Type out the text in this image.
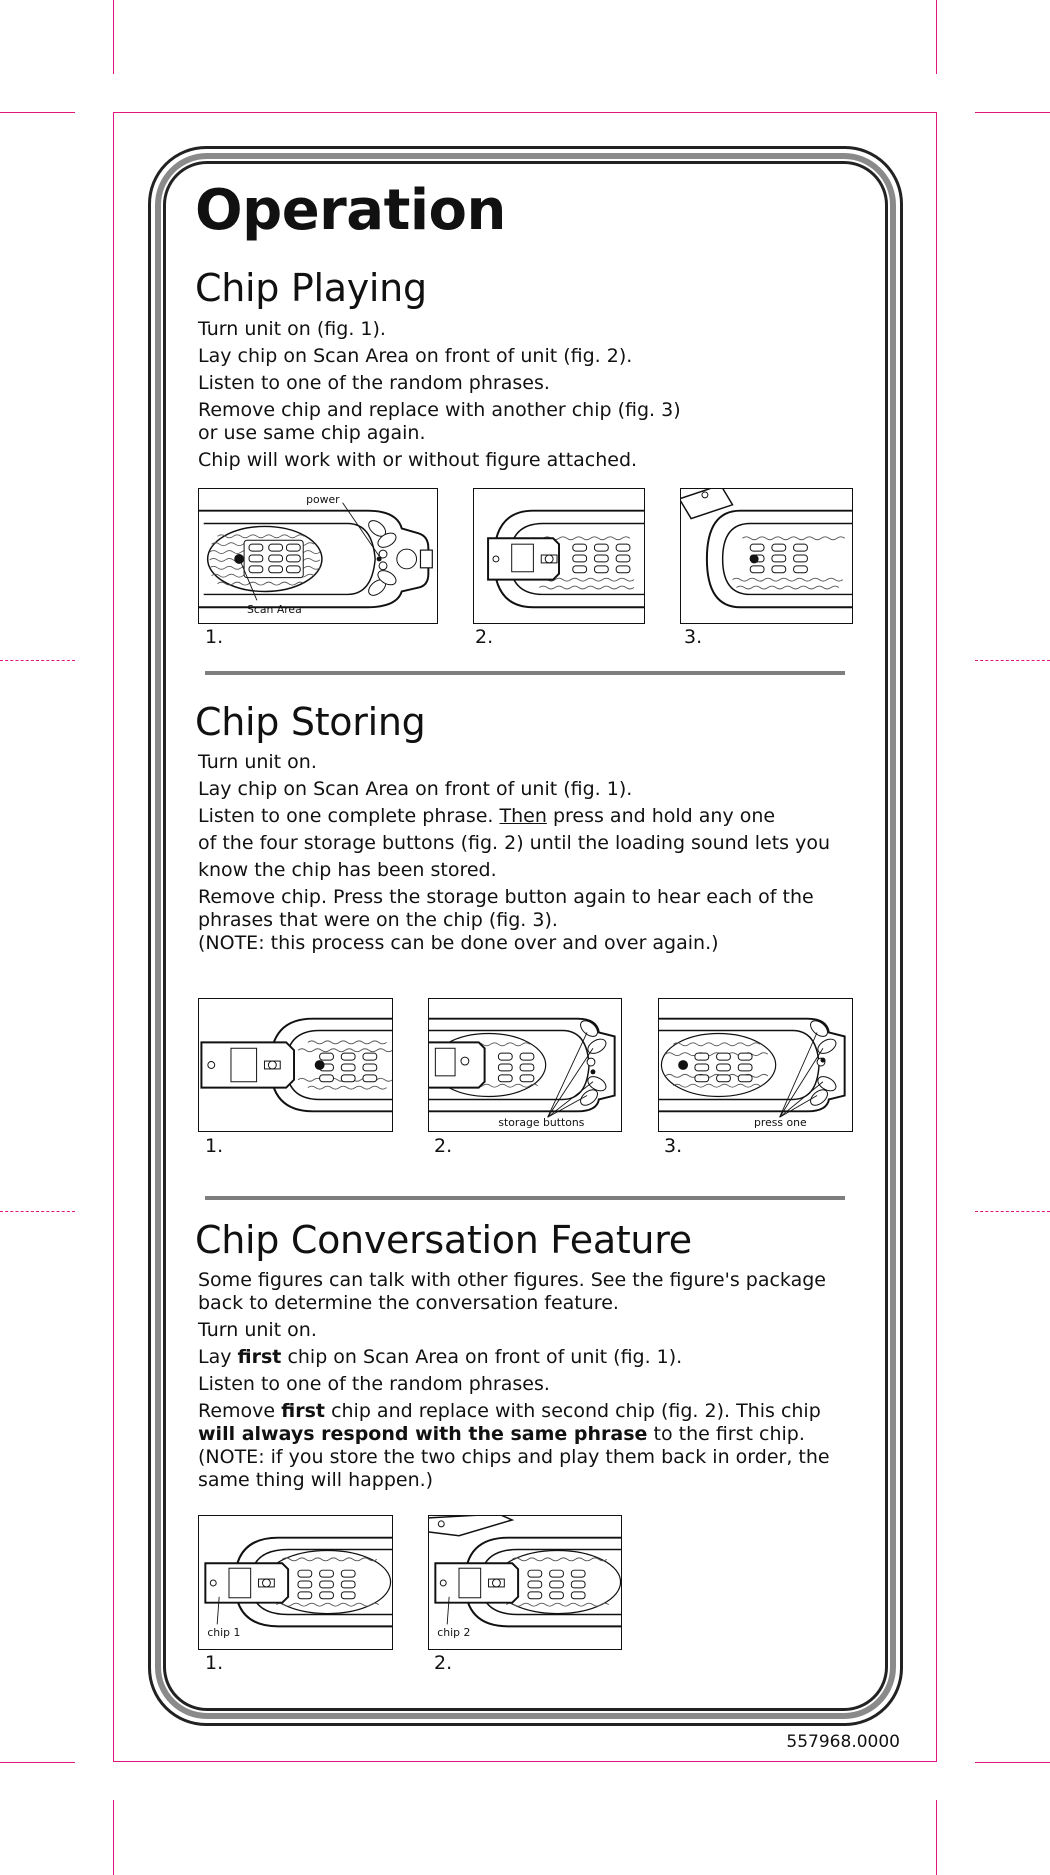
Operation
Chip Playing

Turn unit on (fig. 1).

Lay chip on Scan Area on front of unit (fig. 2).

Listen to one of the random phrases.

Remove chip and replace with another chip (fig. 3)

or use same chip again.

Chip will work with or without figure attached.

power
Scan Area
1.	2.	3.
Chip Storing

Turn unit on.

Lay chip on Scan Area on front of unit (fig. 1).

Listen to one complete phrase. Then press and hold any one

of the four storage buttons (fig. 2) until the loading sound lets you

know the chip has been stored.

Remove chip. Press the storage button again to hear each of the

phrases that were on the chip (fig. 3).

(NOTE: this process can be done over and over again.)

1.
storage buttons
2.
press one
3.
Chip Conversation Feature

Some figures can talk with other figures. See the figure's package

back to determine the conversation feature.

Turn unit on.

Lay first chip on Scan Area on front of unit (fig. 1).

Listen to one of the random phrases.

Remove first chip and replace with second chip (fig. 2). This chip

will always respond with the same phrase to the first chip.

(NOTE: if you store the two chips and play them back in order, the

same thing will happen.)

chip 1
1.
chip 2
2.
557968.0000
